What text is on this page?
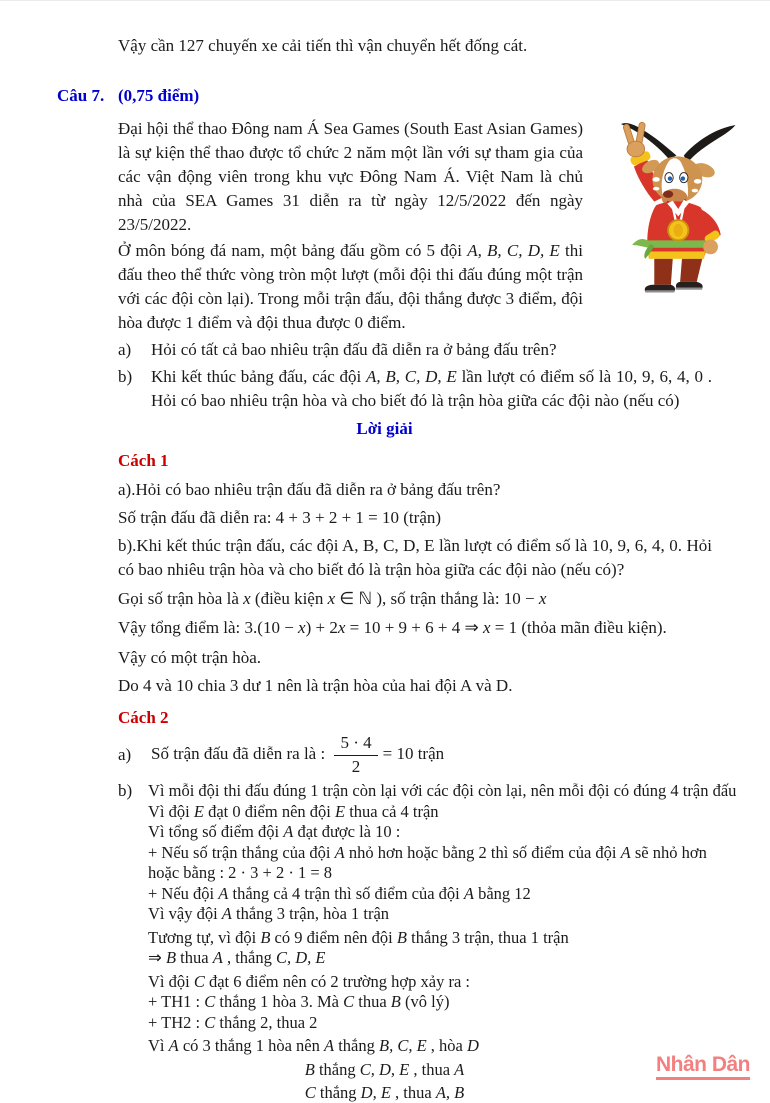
Vậy cần 127 chuyến xe cải tiến thì vận chuyển hết đống cát.

Câu 7. (0,75 điểm)

Đại hội thể thao Đông nam Á Sea Games (South East Asian Games) là sự kiện thể thao được tổ chức 2 năm một lần với sự tham gia của các vận động viên trong khu vực Đông Nam Á. Việt Nam là chủ nhà của SEA Games 31 diễn ra từ ngày 12/5/2022 đến ngày 23/5/2022.

Ở môn bóng đá nam, một bảng đấu gồm có 5 đội A, B, C, D, E thi đấu theo thể thức vòng tròn một lượt (mỗi đội thi đấu đúng một trận với các đội còn lại). Trong mỗi trận đấu, đội thắng được 3 điểm, đội hòa được 1 điểm và đội thua được 0 điểm.

a)	Hỏi có tất cả bao nhiêu trận đấu đã diễn ra ở bảng đấu trên?
b)	Khi kết thúc bảng đấu, các đội A, B, C, D, E lần lượt có điểm số là 10, 9, 6, 4, 0 . Hỏi có bao nhiêu trận hòa và cho biết đó là trận hòa giữa các đội nào (nếu có)
Lời giải
Cách 1
a).Hỏi có bao nhiêu trận đấu đã diễn ra ở bảng đấu trên?
Số trận đấu đã diễn ra: 4 + 3 + 2 + 1 = 10 (trận)
b).Khi kết thúc trận đấu, các đội A, B, C, D, E lần lượt có điểm số là 10, 9, 6, 4, 0. Hỏi có bao nhiêu trận hòa và cho biết đó là trận hòa giữa các đội nào (nếu có)?
Gọi số trận hòa là x (điều kiện x ∈ ℕ ), số trận thắng là: 10 − x
Vậy tổng điểm là: 3.(10 − x) + 2x = 10 + 9 + 6 + 4 ⇒ x = 1 (thỏa mãn điều kiện).
Vậy có một trận hòa.
Do 4 và 10 chia 3 dư 1 nên là trận hòa của hai đội A và D.
Cách 2
a)	Số trận đấu đã diễn ra là : $\frac{5 \cdot 4}{2} = 10$ trận
b) Vì mỗi đội thi đấu đúng 1 trận còn lại với các đội còn lại, nên mỗi đội có đúng 4 trận đấu
Vì đội E đạt 0 điểm nên đội E thua cả 4 trận
Vì tổng số điểm đội A đạt được là 10 :
+ Nếu số trận thắng của đội A nhỏ hơn hoặc bằng 2 thì số điểm của đội A sẽ nhỏ hơn hoặc bằng : 2 · 3 + 2 · 1 = 8
+ Nếu đội A thắng cả 4 trận thì số điểm của đội A bằng 12
Vì vậy đội A thắng 3 trận, hòa 1 trận
Tương tự, vì đội B có 9 điểm nên đội B thắng 3 trận, thua 1 trận
⇒ B thua A , thắng C, D, E
Vì đội C đạt 6 điểm nên có 2 trường hợp xảy ra :
+ TH1 : C thắng 1 hòa 3. Mà C thua B (vô lý)
+ TH2 : C thắng 2, thua 2
Vì A có 3 thắng 1 hòa nên A thắng B, C, E , hòa D
B thắng C, D, E , thua A
C thắng D, E , thua A, B
Nhân Dân
